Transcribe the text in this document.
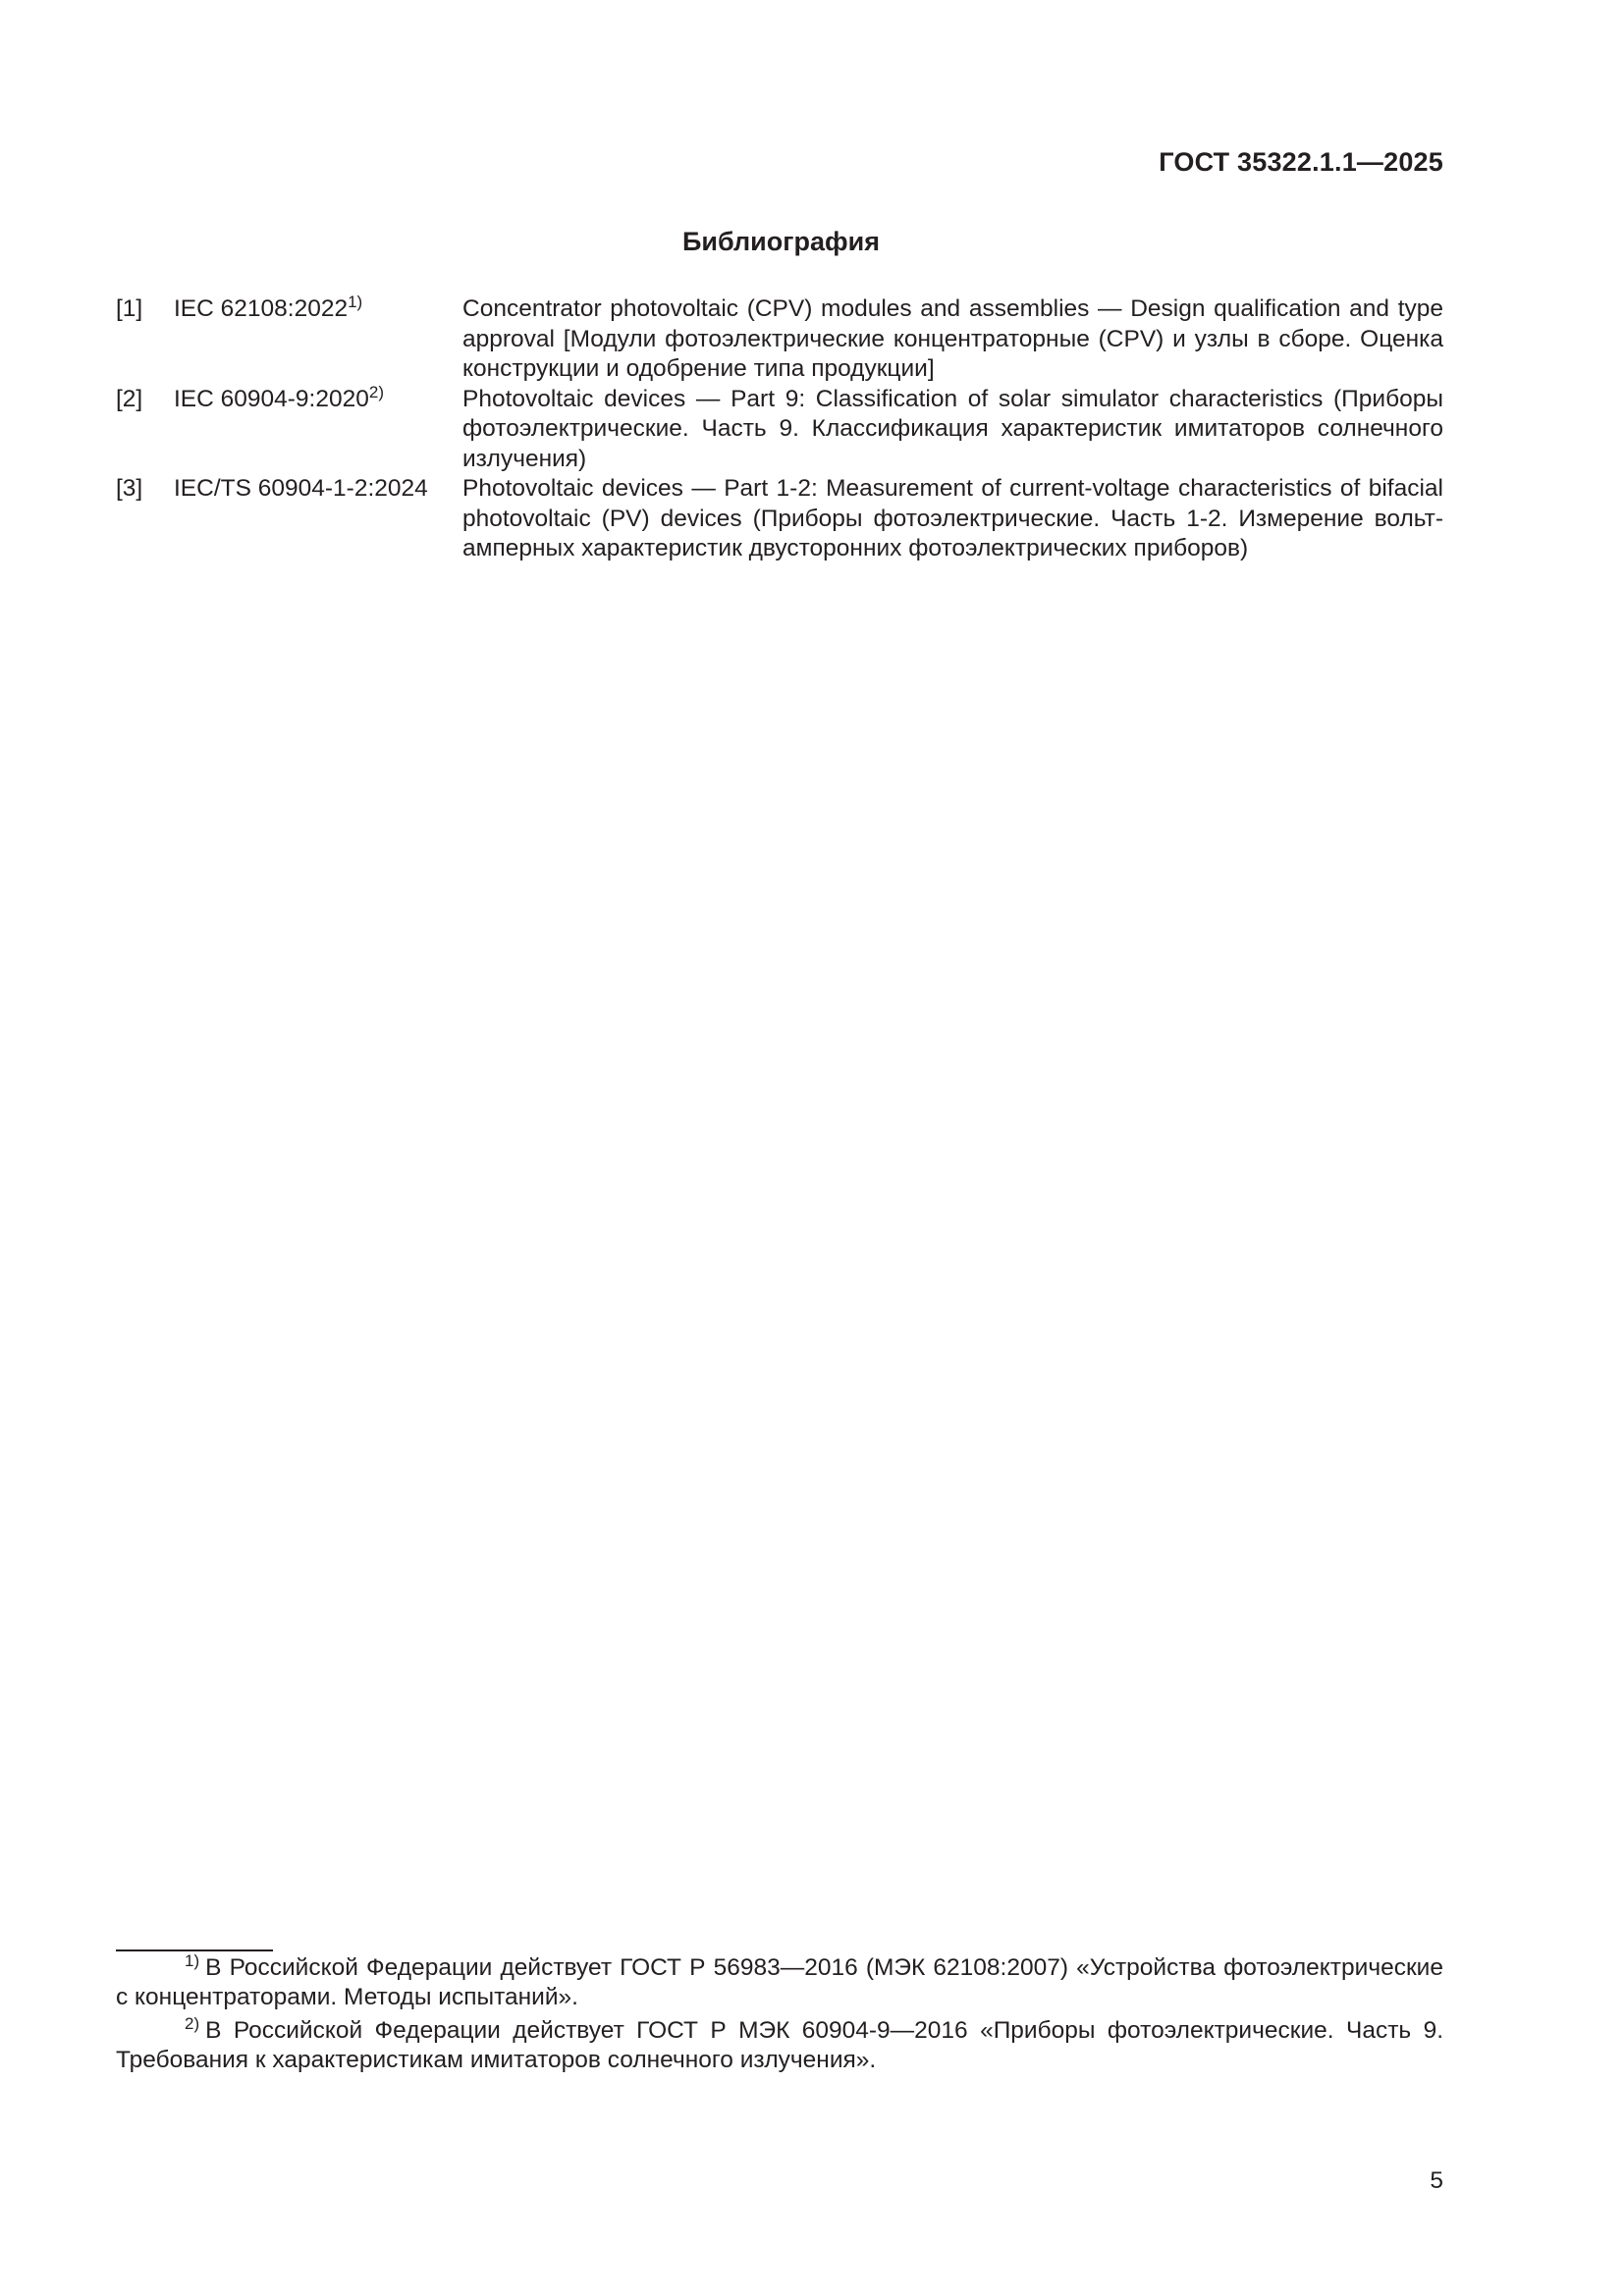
ГОСТ 35322.1.1—2025
Библиография
[1] IEC 62108:2022$^{1)}$	Concentrator photovoltaic (CPV) modules and assemblies — Design qualification and type approval [Модули фотоэлектрические концентраторные (CPV) и узлы в сборе. Оценка конструкции и одобрение типа продукции]
[2] IEC 60904-9:2020$^{2)}$	Photovoltaic devices — Part 9: Classification of solar simulator characteristics (Приборы фотоэлектрические. Часть 9. Классификация характеристик имитаторов солнечного излучения)
[3] IEC/TS 60904-1-2:2024 Photovoltaic devices — Part 1-2: Measurement of current-voltage characteristics of bifacial photovoltaic (PV) devices (Приборы фотоэлектрические. Часть 1-2. Измерение вольт-амперных характеристик двусторонних фотоэлектрических приборов)
$^{1)}$ В Российской Федерации действует ГОСТ Р 56983—2016 (МЭК 62108:2007) «Устройства фотоэлектрические с концентраторами. Методы испытаний».
$^{2)}$ В Российской Федерации действует ГОСТ Р МЭК 60904-9—2016 «Приборы фотоэлектрические. Часть 9. Требования к характеристикам имитаторов солнечного излучения».
5
